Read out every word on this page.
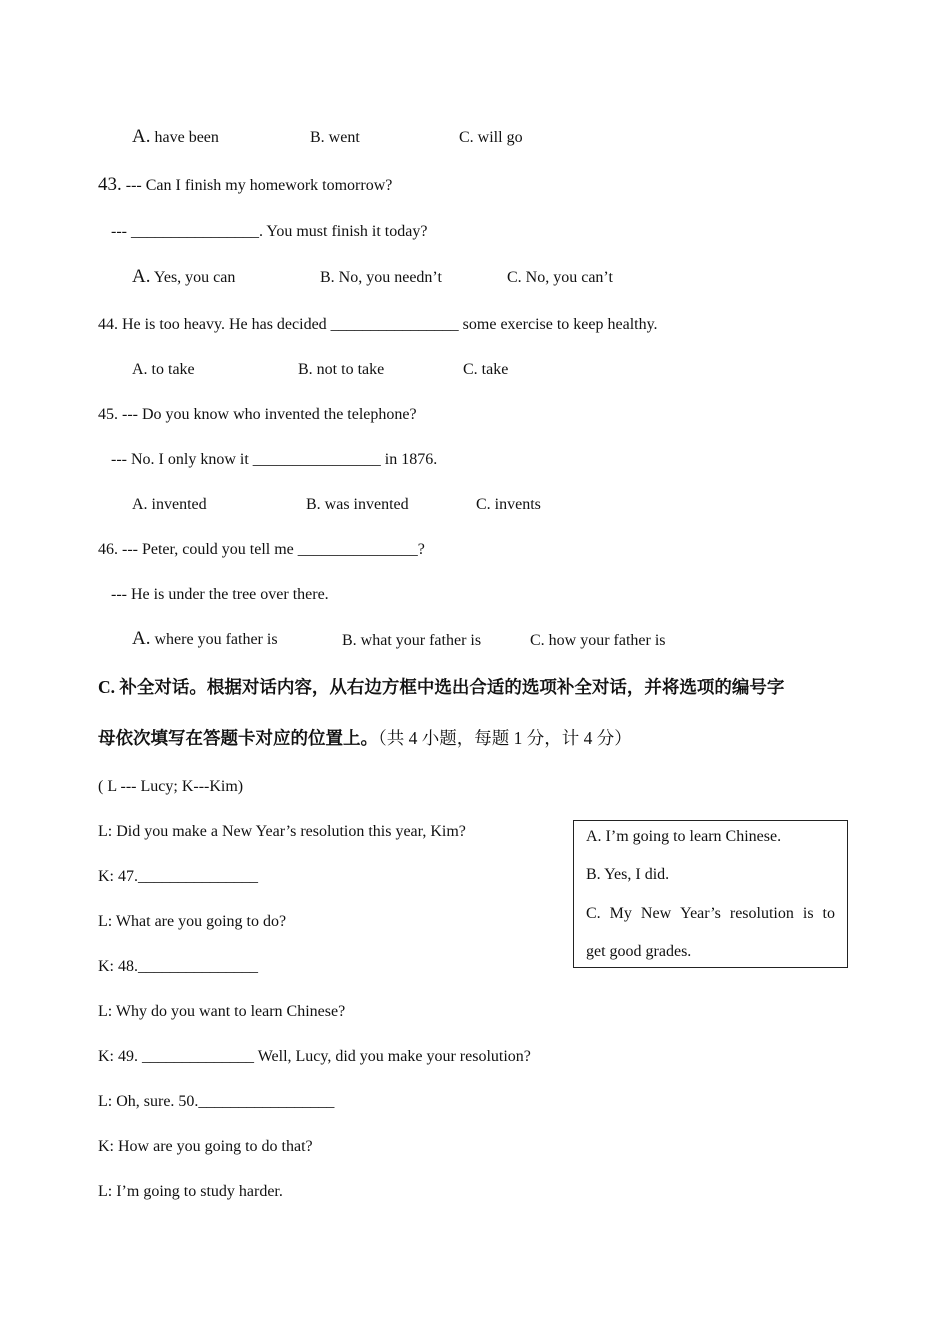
A. have been	B. went	C. will go
43. --- Can I finish my homework tomorrow?
--- ________________. You must finish it today?
A. Yes, you can	B. No, you needn’t	C. No, you can’t
44. He is too heavy. He has decided ________________ some exercise to keep healthy.
A. to take	B. not to take	C. take
45. --- Do you know who invented the telephone?
--- No. I only know it ________________ in 1876.
A. invented	B. was invented	C. invents
46. --- Peter, could you tell me _______________?
--- He is under the tree over there.
A. where you father is	B. what your father is	C. how your father is
C. 补全对话。根据对话内容，从右边方框中选出合适的选项补全对话，并将选项的编号字
母依次填写在答题卡对应的位置上。（共 4 小题，每题 1 分，计 4 分）
( L --- Lucy; K---Kim)
L: Did you make a New Year’s resolution this year, Kim?
K: 47._______________
L: What are you going to do?
K: 48._______________
L: Why do you want to learn Chinese?
K: 49. ______________ Well, Lucy, did you make your resolution?
L: Oh, sure. 50._________________
K: How are you going to do that?
L: I’m going to study harder.
A. I’m going to learn Chinese.
B. Yes, I did.
C. My New Year’s resolution is to
get good grades.
